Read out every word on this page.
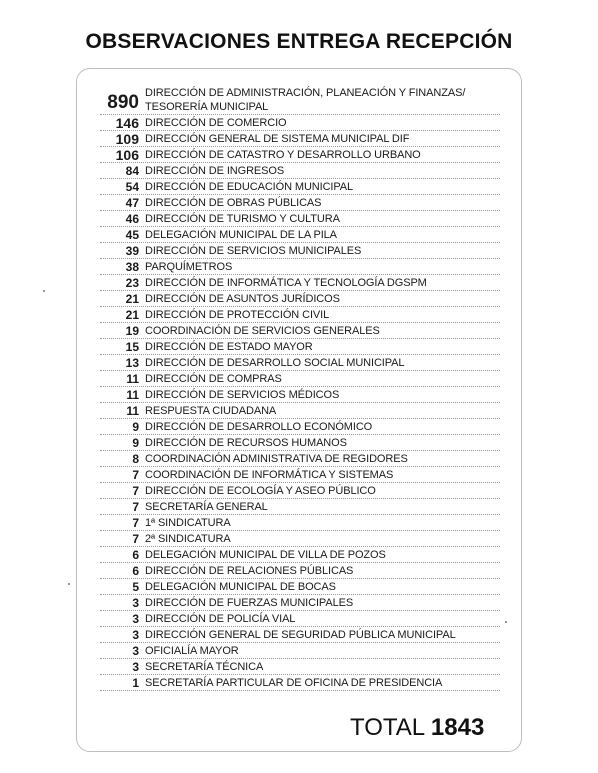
OBSERVACIONES ENTREGA RECEPCIÓN
890 DIRECCIÓN DE ADMINISTRACIÓN, PLANEACIÓN Y FINANZAS/ TESORERÍA MUNICIPAL
146 DIRECCIÓN DE COMERCIO
109 DIRECCIÓN GENERAL DE SISTEMA MUNICIPAL DIF
106 DIRECCIÓN DE CATASTRO Y DESARROLLO URBANO
84 DIRECCIÓN DE INGRESOS
54 DIRECCIÓN DE EDUCACIÓN MUNICIPAL
47 DIRECCIÓN DE OBRAS PÚBLICAS
46 DIRECCIÓN DE TURISMO Y CULTURA
45 DELEGACIÓN MUNICIPAL DE LA PILA
39 DIRECCIÓN DE SERVICIOS MUNICIPALES
38 PARQUÍMETROS
23 DIRECCIÓN DE INFORMÁTICA Y TECNOLOGÍA DGSPM
21 DIRECCIÓN DE ASUNTOS JURÍDICOS
21 DIRECCIÓN DE PROTECCIÓN CIVIL
19 COORDINACIÓN DE SERVICIOS GENERALES
15 DIRECCIÓN DE ESTADO MAYOR
13 DIRECCIÓN DE DESARROLLO SOCIAL MUNICIPAL
11 DIRECCIÓN DE COMPRAS
11 DIRECCIÓN DE SERVICIOS MÉDICOS
11 RESPUESTA CIUDADANA
9 DIRECCIÓN DE DESARROLLO ECONÓMICO
9 DIRECCIÓN DE RECURSOS HUMANOS
8 COORDINACIÓN ADMINISTRATIVA DE REGIDORES
7 COORDINACIÓN DE INFORMÁTICA Y SISTEMAS
7 DIRECCIÓN DE ECOLOGÍA Y ASEO PÚBLICO
7 SECRETARÍA GENERAL
7 1ª SINDICATURA
7 2ª SINDICATURA
6 DELEGACIÓN MUNICIPAL DE VILLA DE POZOS
6 DIRECCIÓN DE RELACIONES PÚBLICAS
5 DELEGACIÓN MUNICIPAL DE BOCAS
3 DIRECCIÓN DE FUERZAS MUNICIPALES
3 DIRECCIÓN DE POLICÍA VIAL
3 DIRECCIÓN GENERAL DE SEGURIDAD PÚBLICA MUNICIPAL
3 OFICIALÍA MAYOR
3 SECRETARÍA TÉCNICA
1 SECRETARÍA PARTICULAR DE OFICINA DE PRESIDENCIA
TOTAL 1843
